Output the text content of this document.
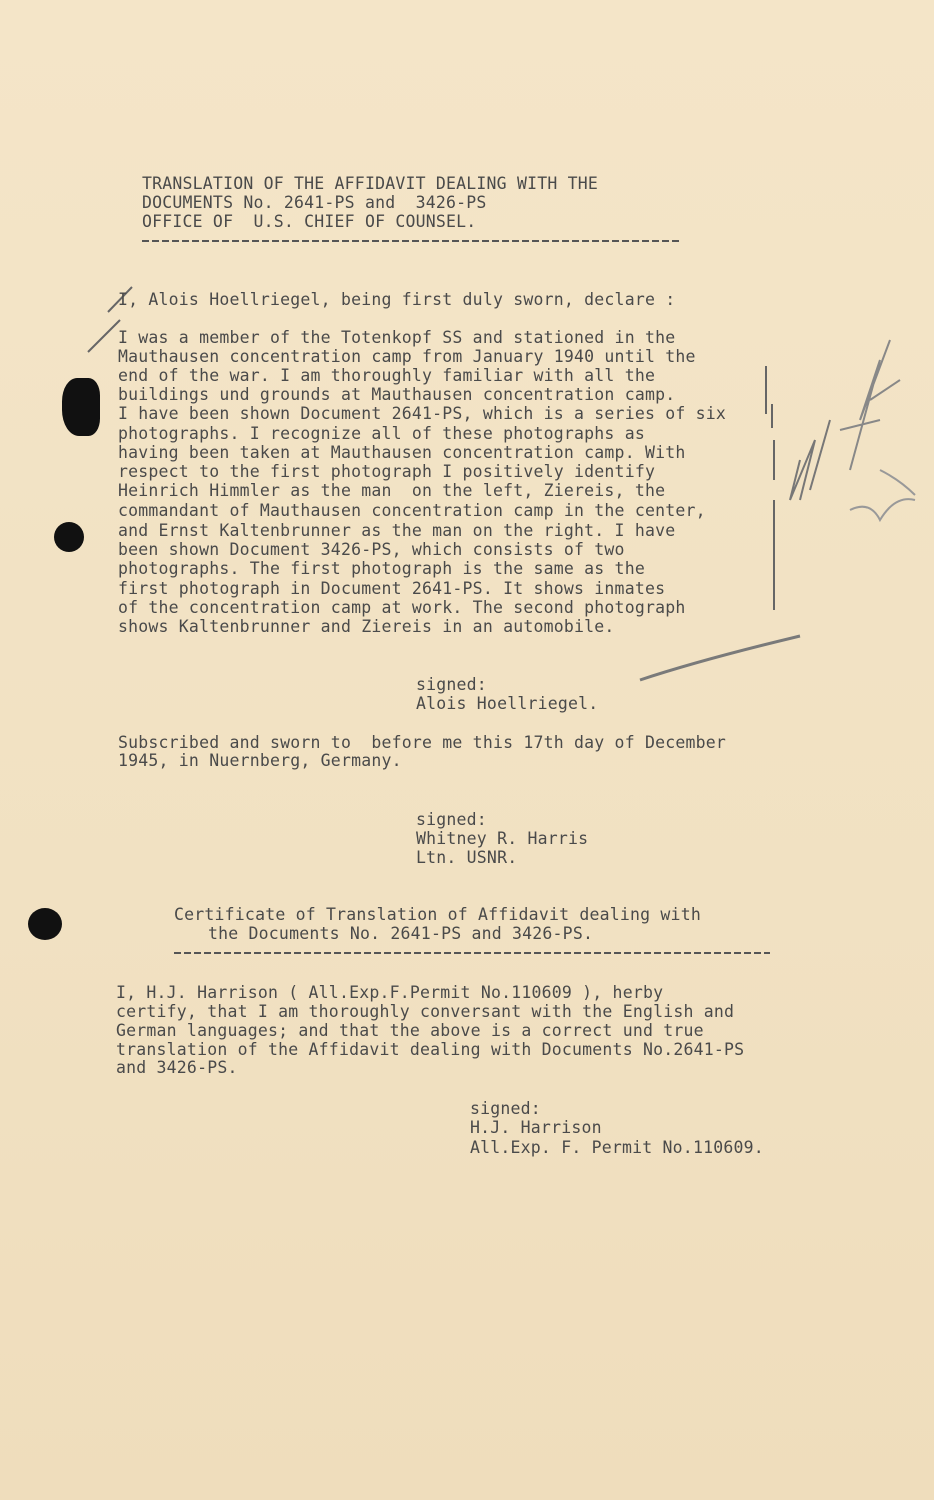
TRANSLATION OF THE AFFIDAVIT DEALING WITH THE
DOCUMENTS No. 2641-PS and  3426-PS
OFFICE OF  U.S. CHIEF OF COUNSEL.
I, Alois Hoellriegel, being first duly sworn, declare :
I was a member of the Totenkopf SS and stationed in the
Mauthausen concentration camp from January 1940 until the
end of the war. I am thoroughly familiar with all the
buildings und grounds at Mauthausen concentration camp.
I have been shown Document 2641-PS, which is a series of six
photographs. I recognize all of these photographs as
having been taken at Mauthausen concentration camp. With
respect to the first photograph I positively identify
Heinrich Himmler as the man  on the left, Ziereis, the
commandant of Mauthausen concentration camp in the center,
and Ernst Kaltenbrunner as the man on the right. I have
been shown Document 3426-PS, which consists of two
photographs. The first photograph is the same as the
first photograph in Document 2641-PS. It shows inmates
of the concentration camp at work. The second photograph
shows Kaltenbrunner and Ziereis in an automobile.
signed:
Alois Hoellriegel.
Subscribed and sworn to  before me this 17th day of December
1945, in Nuernberg, Germany.
signed:
Whitney R. Harris
Ltn. USNR.
Certificate of Translation of Affidavit dealing with
the Documents No. 2641-PS and 3426-PS.
I, H.J. Harrison ( All.Exp.F.Permit No.110609 ), herby
certify, that I am thoroughly conversant with the English and
German languages; and that the above is a correct und true
translation of the Affidavit dealing with Documents No.2641-PS
and 3426-PS.
signed:
H.J. Harrison
All.Exp. F. Permit No.110609.
